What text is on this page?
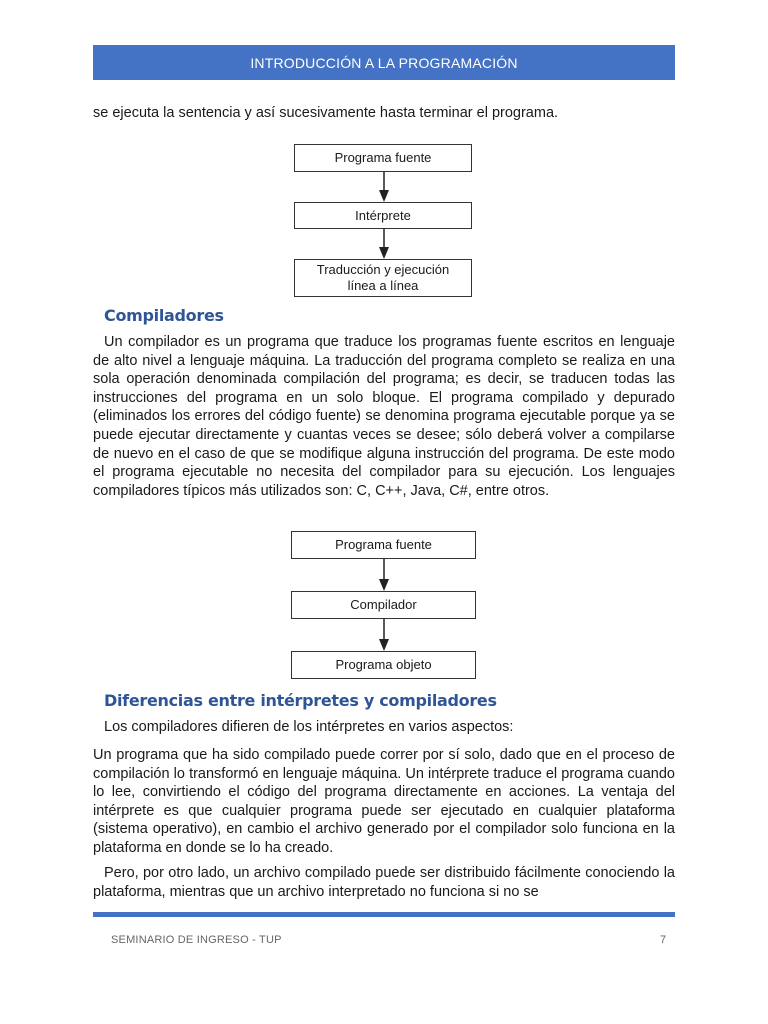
INTRODUCCIÓN A LA PROGRAMACIÓN

se ejecuta la sentencia y así sucesivamente hasta terminar el programa.

Programa fuente
Intérprete
Traducción y ejecución
línea a línea
Compiladores

Un compilador es un programa que traduce los programas fuente escritos en lenguaje de alto nivel a lenguaje máquina. La traducción del programa completo se realiza en una sola operación denominada compilación del programa; es decir, se traducen todas las instrucciones del programa en un solo bloque. El programa compilado y depurado (eliminados los errores del código fuente) se denomina programa ejecutable porque ya se puede ejecutar directamente y cuantas veces se desee; sólo deberá volver a compilarse de nuevo en el caso de que se modifique alguna instrucción del programa. De este modo el programa ejecutable no necesita del compilador para su ejecución. Los lenguajes compiladores típicos más utilizados son: C, C++, Java, C#, entre otros.

Programa fuente
Compilador
Programa objeto
Diferencias entre intérpretes y compiladores

Los compiladores difieren de los intérpretes en varios aspectos:

Un programa que ha sido compilado puede correr por sí solo, dado que en el proceso de compilación lo transformó en lenguaje máquina. Un intérprete traduce el programa cuando lo lee, convirtiendo el código del programa directamente en acciones. La ventaja del intérprete es que cualquier programa puede ser ejecutado en cualquier plataforma (sistema operativo), en cambio el archivo generado por el compilador solo funciona en la plataforma en donde se lo ha creado.

Pero, por otro lado, un archivo compilado puede ser distribuido fácilmente conociendo la plataforma, mientras que un archivo interpretado no funciona si no se

SEMINARIO DE INGRESO - TUP	7
